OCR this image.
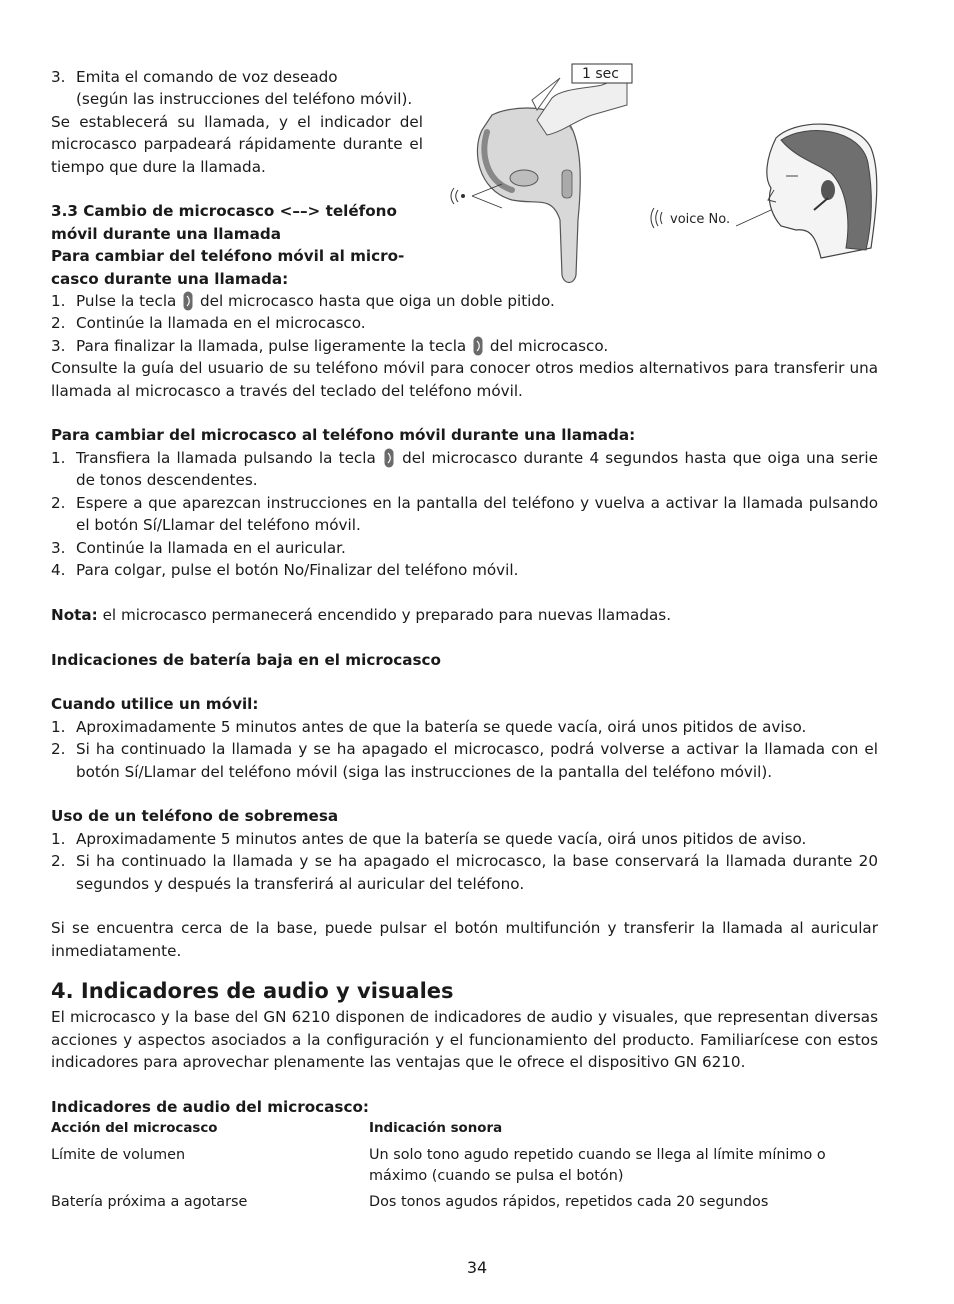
1 sec
voice No.
3. Emita el comando de voz deseado
(según las instrucciones del teléfono móvil).

Se establecerá su llamada, y el indicador del microcasco parpadeará rápidamente durante el tiempo que dure la llamada.

3.3 Cambio de microcasco <––> teléfono móvil durante una llamada

Para cambiar del teléfono móvil al micro-casco durante una llamada:

1. Pulse la tecla del microcasco hasta que oiga un doble pitido.
2. Continúe la llamada en el microcasco.
3. Para finalizar la llamada, pulse ligeramente la tecla del microcasco.

Consulte la guía del usuario de su teléfono móvil para conocer otros medios alternativos para transferir una llamada al microcasco a través del teclado del teléfono móvil.

Para cambiar del microcasco al teléfono móvil durante una llamada:

1. Transfiera la llamada pulsando la tecla del microcasco durante 4 segundos hasta que oiga una serie de tonos descendentes.
2. Espere a que aparezcan instrucciones en la pantalla del teléfono y vuelva a activar la llamada pulsando el botón Sí/Llamar del teléfono móvil.
3. Continúe la llamada en el auricular.
4. Para colgar, pulse el botón No/Finalizar del teléfono móvil.

Nota: el microcasco permanecerá encendido y preparado para nuevas llamadas.

Indicaciones de batería baja en el microcasco

Cuando utilice un móvil:

1. Aproximadamente 5 minutos antes de que la batería se quede vacía, oirá unos pitidos de aviso.
2. Si ha continuado la llamada y se ha apagado el microcasco, podrá volverse a activar la llamada con el botón Sí/Llamar del teléfono móvil (siga las instrucciones de la pantalla del teléfono móvil).

Uso de un teléfono de sobremesa

1. Aproximadamente 5 minutos antes de que la batería se quede vacía, oirá unos pitidos de aviso.
2. Si ha continuado la llamada y se ha apagado el microcasco, la base conservará la llamada durante 20 segundos y después la transferirá al auricular del teléfono.

Si se encuentra cerca de la base, puede pulsar el botón multifunción y transferir la llamada al auricular inmediatamente.

4. Indicadores de audio y visuales

El microcasco y la base del GN 6210 disponen de indicadores de audio y visuales, que representan diversas acciones y aspectos asociados a la configuración y el funcionamiento del producto. Familiarícese con estos indicadores para aprovechar plenamente las ventajas que le ofrece el dispositivo GN 6210.

Indicadores de audio del microcasco:

Acción del microcasco	Indicación sonora
Límite de volumen	Un solo tono agudo repetido cuando se llega al límite mínimo o máximo (cuando se pulsa el botón)
Batería próxima a agotarse	Dos tonos agudos rápidos, repetidos cada 20 segundos
34
